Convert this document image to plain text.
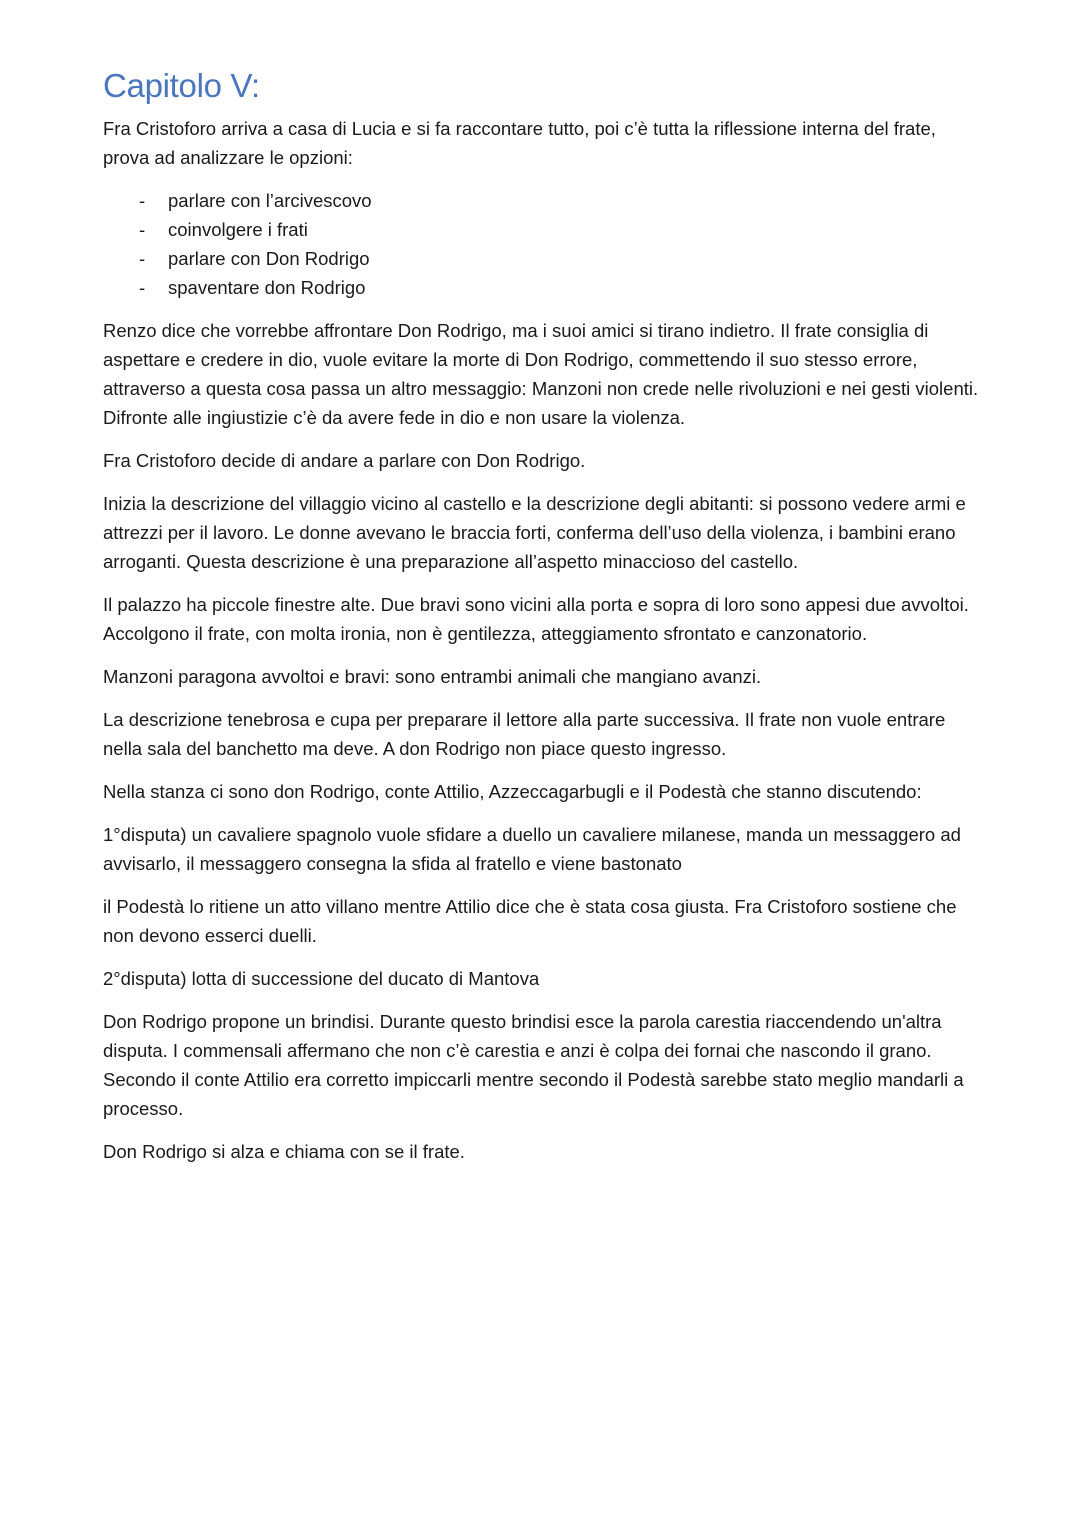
Capitolo V:

Fra Cristoforo arriva a casa di Lucia e si fa raccontare tutto, poi c’è tutta la riflessione interna del frate, prova ad analizzare le opzioni:

- parlare con l’arcivescovo
- coinvolgere i frati
- parlare con Don Rodrigo
- spaventare don Rodrigo

Renzo dice che vorrebbe affrontare Don Rodrigo, ma i suoi amici si tirano indietro. Il frate consiglia di aspettare e credere in dio, vuole evitare la morte di Don Rodrigo, commettendo il suo stesso errore, attraverso a questa cosa passa un altro messaggio: Manzoni non crede nelle rivoluzioni e nei gesti violenti. Difronte alle ingiustizie c’è da avere fede in dio e non usare la violenza.

Fra Cristoforo decide di andare a parlare con Don Rodrigo.

Inizia la descrizione del villaggio vicino al castello e la descrizione degli abitanti: si possono vedere armi e attrezzi per il lavoro. Le donne avevano le braccia forti, conferma dell’uso della violenza, i bambini erano arroganti. Questa descrizione è una preparazione all’aspetto minaccioso del castello.

Il palazzo ha piccole finestre alte. Due bravi sono vicini alla porta e sopra di loro sono appesi due avvoltoi. Accolgono il frate, con molta ironia, non è gentilezza, atteggiamento sfrontato e canzonatorio.

Manzoni paragona avvoltoi e bravi: sono entrambi animali che mangiano avanzi.

La descrizione tenebrosa e cupa per preparare il lettore alla parte successiva. Il frate non vuole entrare nella sala del banchetto ma deve. A don Rodrigo non piace questo ingresso.

Nella stanza ci sono don Rodrigo, conte Attilio, Azzeccagarbugli e il Podestà che stanno discutendo:

1°disputa) un cavaliere spagnolo vuole sfidare a duello un cavaliere milanese, manda un messaggero ad avvisarlo, il messaggero consegna la sfida al fratello e viene bastonato

il Podestà lo ritiene un atto villano mentre Attilio dice che è stata cosa giusta. Fra Cristoforo sostiene che non devono esserci duelli.

2°disputa) lotta di successione del ducato di Mantova

Don Rodrigo propone un brindisi. Durante questo brindisi esce la parola carestia riaccendendo un'altra disputa. I commensali affermano che non c’è carestia e anzi è colpa dei fornai che nascondo il grano. Secondo il conte Attilio era corretto impiccarli mentre secondo il Podestà sarebbe stato meglio mandarli a processo.

Don Rodrigo si alza e chiama con se il frate.
